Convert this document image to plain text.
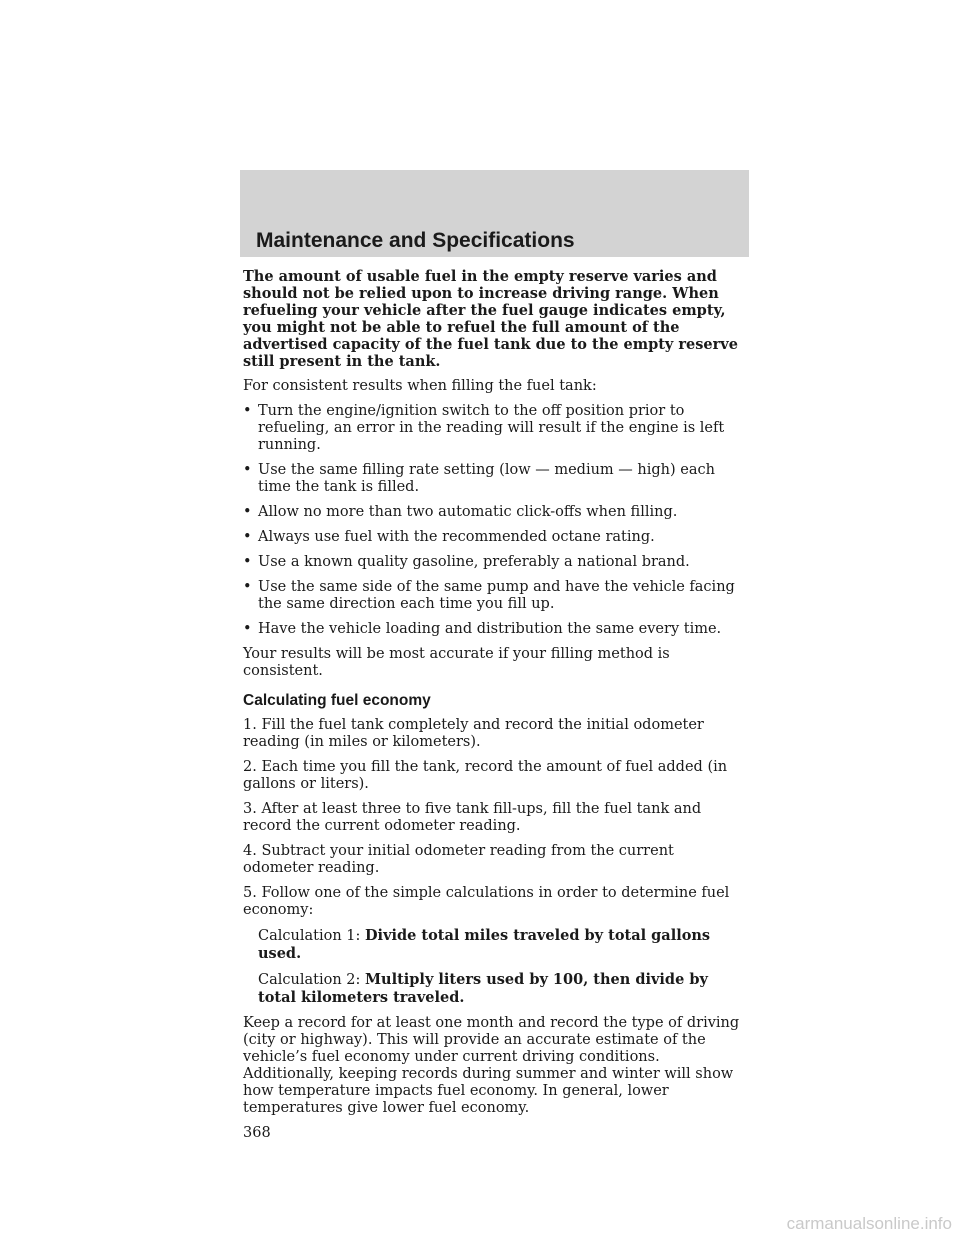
Maintenance and Specifications

The amount of usable fuel in the empty reserve varies and should not be relied upon to increase driving range. When refueling your vehicle after the fuel gauge indicates empty, you might not be able to refuel the full amount of the advertised capacity of the fuel tank due to the empty reserve still present in the tank.

For consistent results when filling the fuel tank:

• Turn the engine/ignition switch to the off position prior to refueling, an error in the reading will result if the engine is left running.
• Use the same filling rate setting (low — medium — high) each time the tank is filled.
• Allow no more than two automatic click-offs when filling.
• Always use fuel with the recommended octane rating.
• Use a known quality gasoline, preferably a national brand.
• Use the same side of the same pump and have the vehicle facing the same direction each time you fill up.
• Have the vehicle loading and distribution the same every time.

Your results will be most accurate if your filling method is consistent.

Calculating fuel economy

1. Fill the fuel tank completely and record the initial odometer reading (in miles or kilometers).

2. Each time you fill the tank, record the amount of fuel added (in gallons or liters).

3. After at least three to five tank fill-ups, fill the fuel tank and record the current odometer reading.

4. Subtract your initial odometer reading from the current odometer reading.

5. Follow one of the simple calculations in order to determine fuel economy:

Calculation 1: Divide total miles traveled by total gallons used.
Calculation 2: Multiply liters used by 100, then divide by total kilometers traveled.

Keep a record for at least one month and record the type of driving (city or highway). This will provide an accurate estimate of the vehicle’s fuel economy under current driving conditions. Additionally, keeping records during summer and winter will show how temperature impacts fuel economy. In general, lower temperatures give lower fuel economy.

368
carmanualsonline.info
